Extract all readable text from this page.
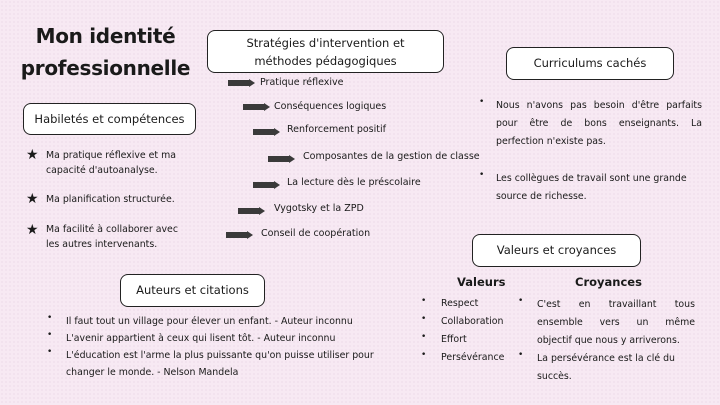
Mon identité
professionnelle
Habiletés et compétences
★ Ma pratique réflexive et ma
capacité d'autoanalyse.
★ Ma planification structurée.
★ Ma facilité à collaborer avec
les autres intervenants.
Stratégies d'intervention et
méthodes pédagogiques
Pratique réflexive
Conséquences logiques
Renforcement positif
Composantes de la gestion de classe
La lecture dès le préscolaire
Vygotsky et la ZPD
Conseil de coopération
Curriculums cachés
• Nous n'avons pas besoin d'être parfaits
pour être de bons enseignants. La
perfection n'existe pas.
• Les collègues de travail sont une grande
source de richesse.
Auteurs et citations
• Il faut tout un village pour élever un enfant. - Auteur inconnu
• L'avenir appartient à ceux qui lisent tôt. - Auteur inconnu
• L'éducation est l'arme la plus puissante qu'on puisse utiliser pour
changer le monde. - Nelson Mandela
Valeurs et croyances
Valeurs	Croyances
• Respect
• Collaboration
• Effort
• Persévérance
• C'est en travaillant tous
ensemble vers un même
objectif que nous y arriverons.
• La persévérance est la clé du
succès.
